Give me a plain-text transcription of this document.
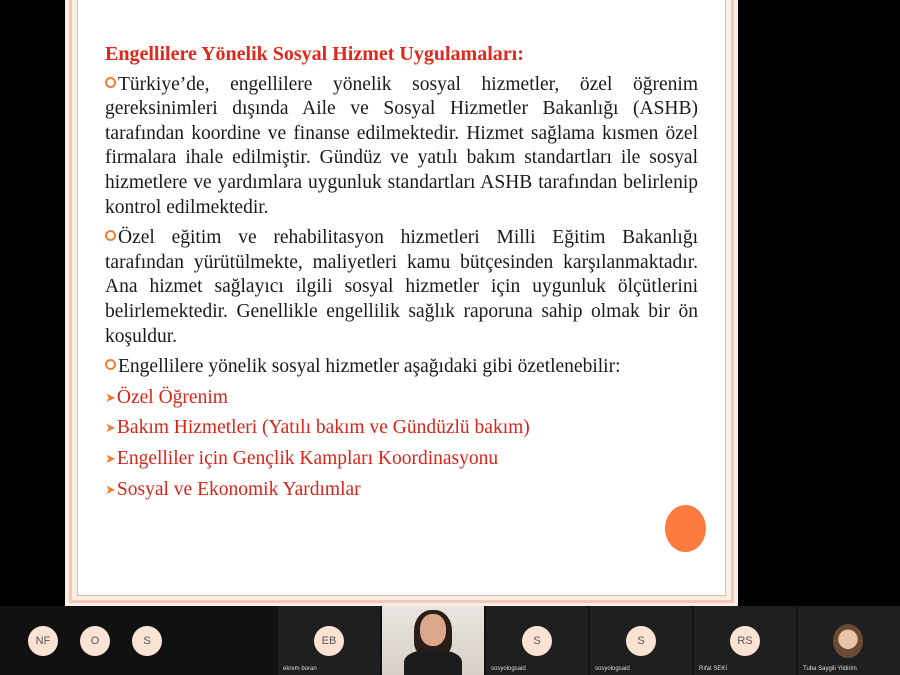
Engellilere Yönelik Sosyal Hizmet Uygulamaları:
Türkiye’de, engellilere yönelik sosyal hizmetler, özel öğrenim gereksinimleri dışında Aile ve Sosyal Hizmetler Bakanlığı (ASHB) tarafından koordine ve finanse edilmektedir. Hizmet sağlama kısmen özel firmalara ihale edilmiştir. Gündüz ve yatılı bakım standartları ile sosyal hizmetlere ve yardımlara uygunluk standartları ASHB tarafından belirlenip kontrol edilmektedir.
Özel eğitim ve rehabilitasyon hizmetleri Milli Eğitim Bakanlığı tarafından yürütülmekte, maliyetleri kamu bütçesinden karşılanmaktadır. Ana hizmet sağlayıcı ilgili sosyal hizmetler için uygunluk ölçütlerini belirlemektedir. Genellikle engellilik sağlık raporuna sahip olmak bir ön koşuldur.
Engellilere yönelik sosyal hizmetler aşağıdaki gibi özetlenebilir:
➤Özel Öğrenim
➤Bakım Hizmetleri (Yatılı bakım ve Gündüzlü bakım)
➤Engelliler için Gençlik Kampları Koordinasyonu
➤Sosyal ve Ekonomik Yardımlar
NF	O	S	EB
ekrem boran
S
sosyologsaid
S
sosyologsaid
RS
Rıfat SEKİ	Tuba Saygili Yildirim
